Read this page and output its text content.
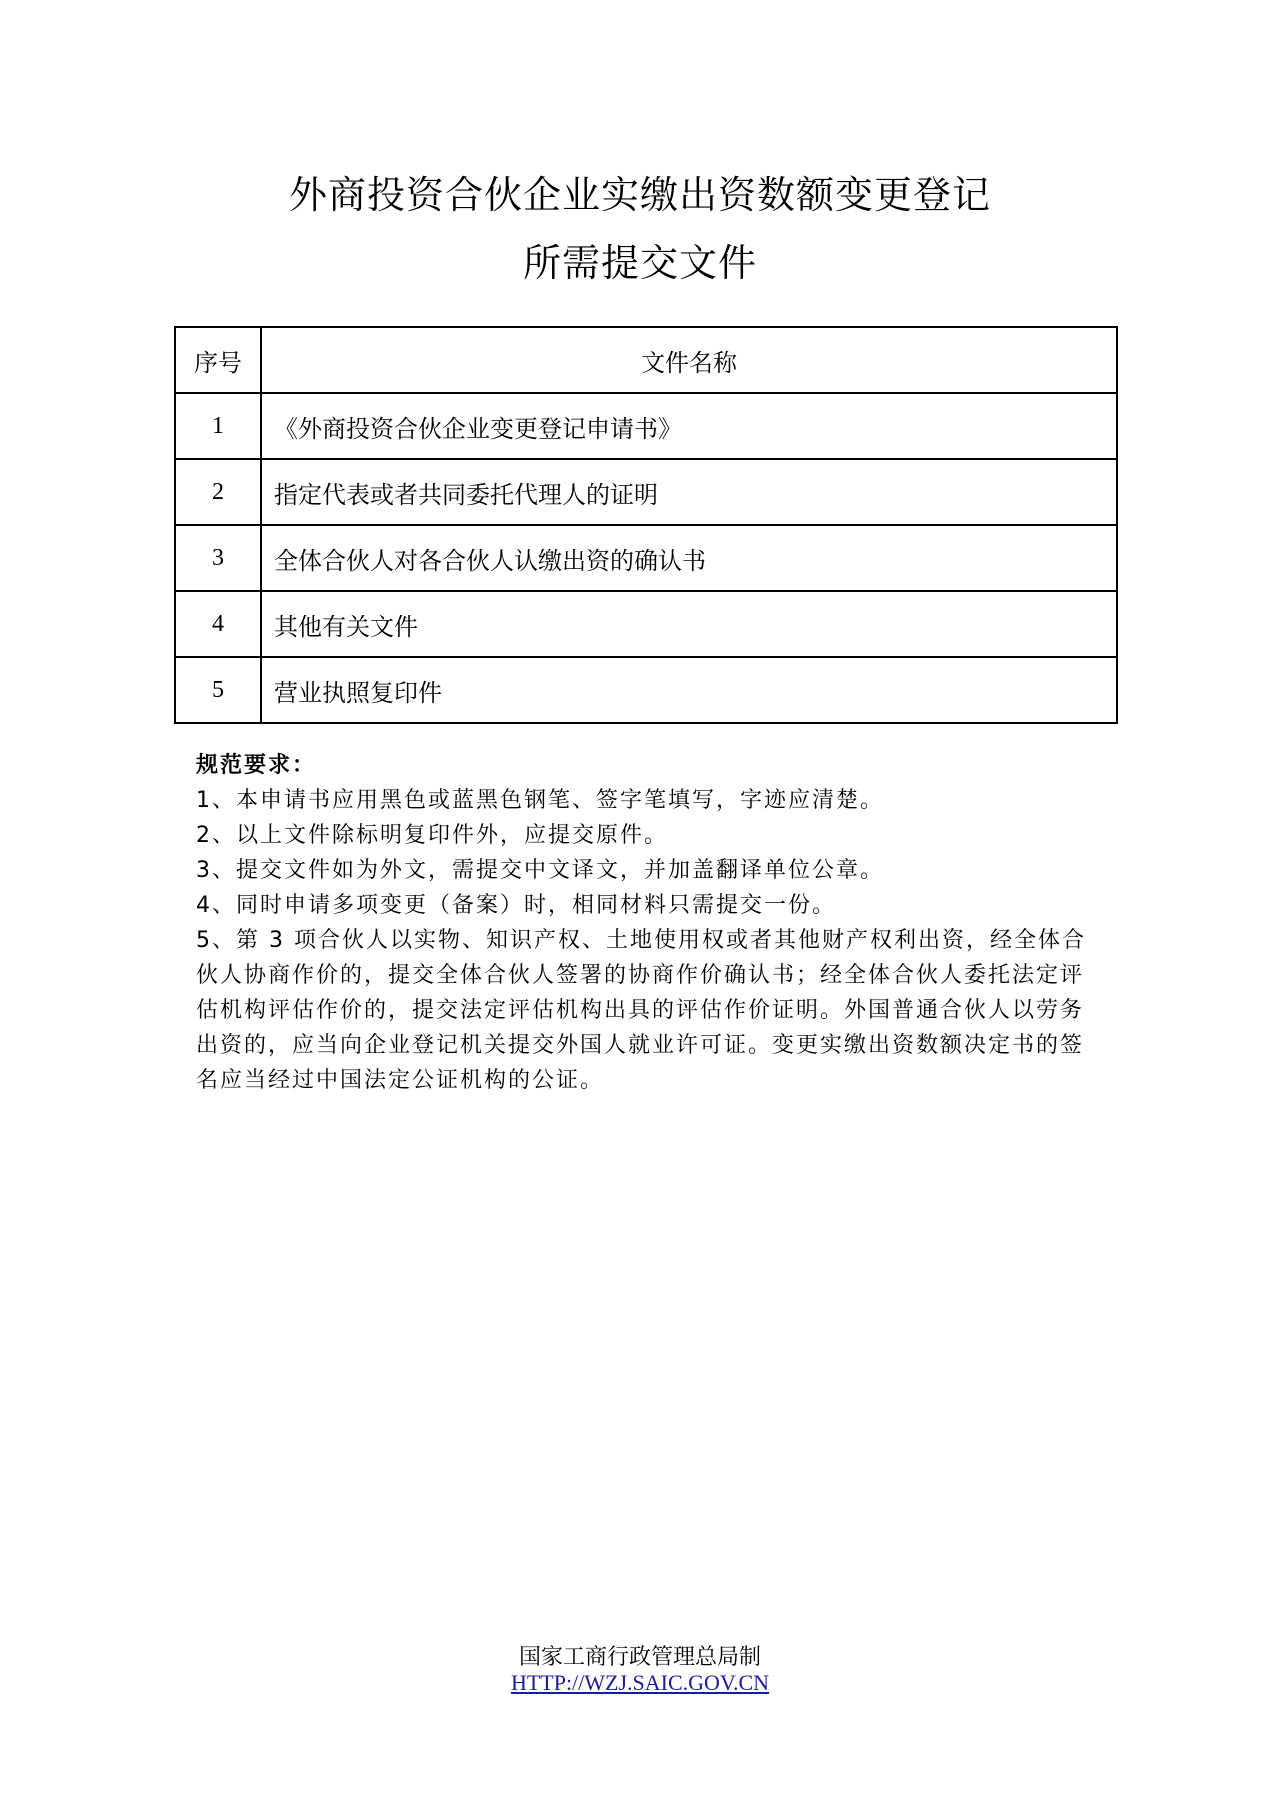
外商投资合伙企业实缴出资数额变更登记
所需提交文件
序号	文件名称
1	《外商投资合伙企业变更登记申请书》
2	指定代表或者共同委托代理人的证明
3	全体合伙人对各合伙人认缴出资的确认书
4	其他有关文件
5	营业执照复印件

规范要求：

1、本申请书应用黑色或蓝黑色钢笔、签字笔填写，字迹应清楚。

2、以上文件除标明复印件外，应提交原件。

3、提交文件如为外文，需提交中文译文，并加盖翻译单位公章。

4、同时申请多项变更（备案）时，相同材料只需提交一份。

5、第 3 项合伙人以实物、知识产权、土地使用权或者其他财产权利出资，经全体合伙人协商作价的，提交全体合伙人签署的协商作价确认书；经全体合伙人委托法定评估机构评估作价的，提交法定评估机构出具的评估作价证明。外国普通合伙人以劳务出资的，应当向企业登记机关提交外国人就业许可证。变更实缴出资数额决定书的签名应当经过中国法定公证机构的公证。

国家工商行政管理总局制
HTTP://WZJ.SAIC.GOV.CN
